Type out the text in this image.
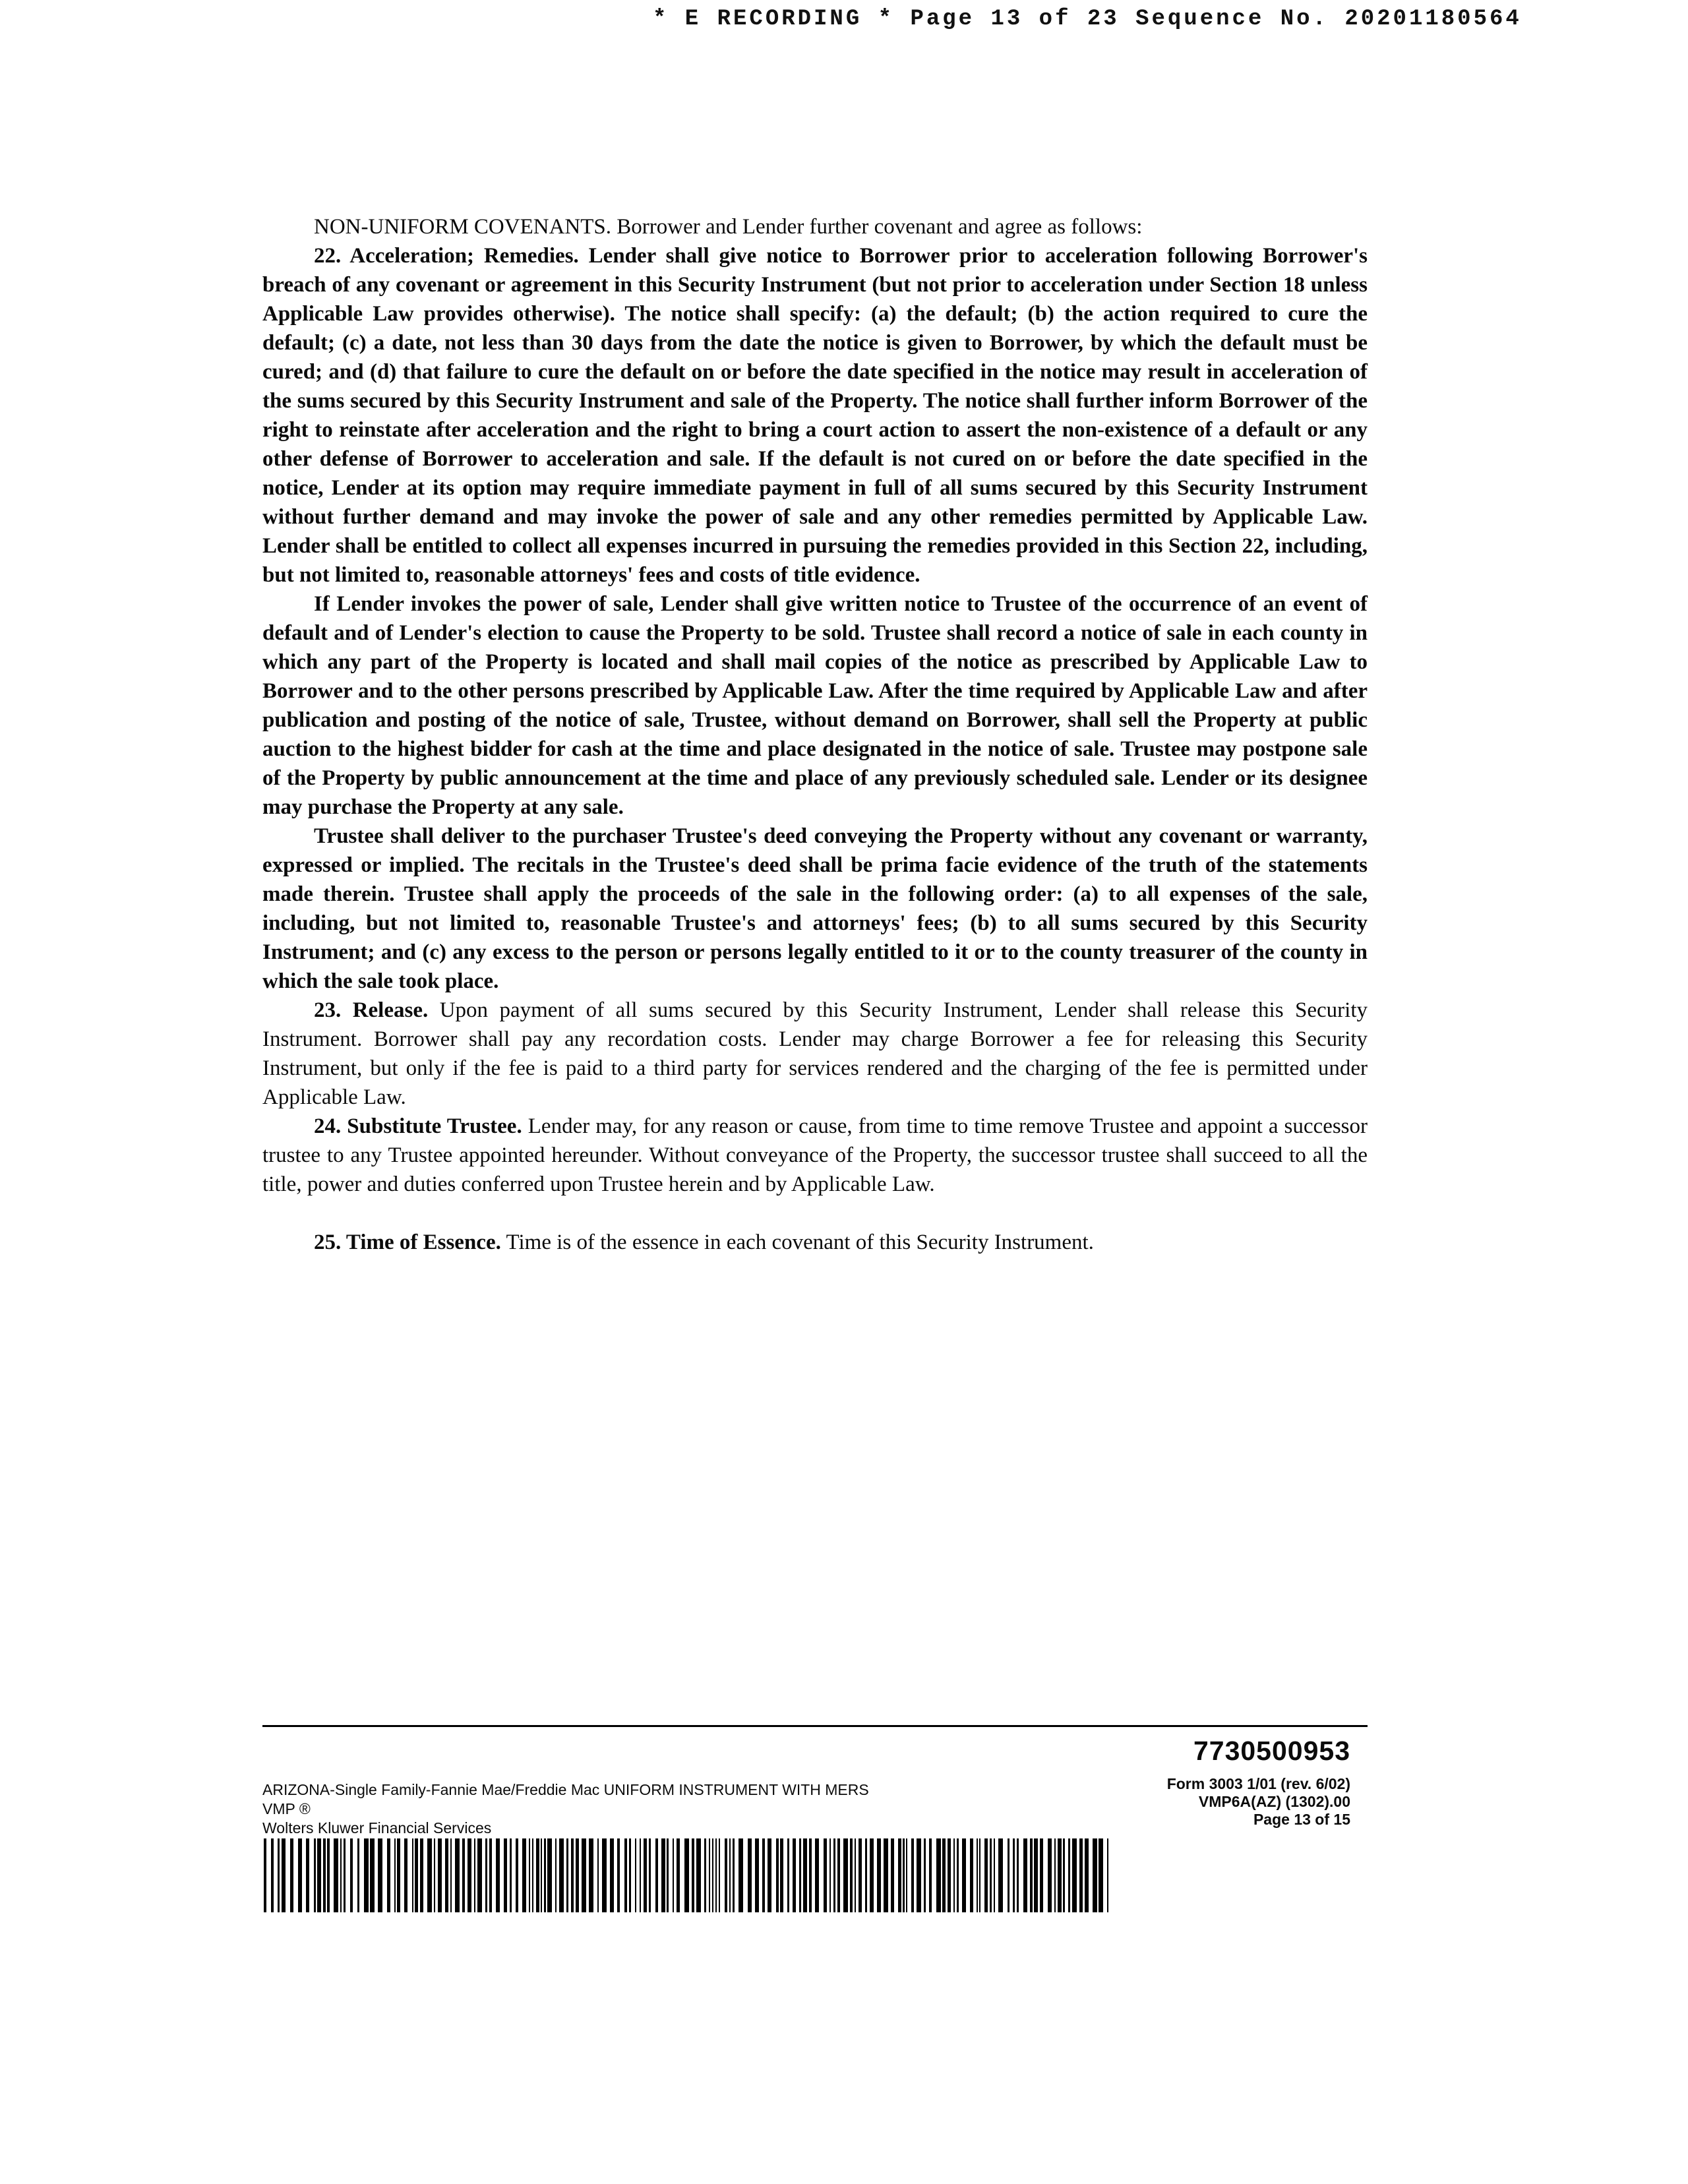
* E RECORDING * Page 13 of 23 Sequence No. 20201180564

NON-UNIFORM COVENANTS. Borrower and Lender further covenant and agree as follows:

22. Acceleration; Remedies. Lender shall give notice to Borrower prior to acceleration following Borrower's breach of any covenant or agreement in this Security Instrument (but not prior to acceleration under Section 18 unless Applicable Law provides otherwise). The notice shall specify: (a) the default; (b) the action required to cure the default; (c) a date, not less than 30 days from the date the notice is given to Borrower, by which the default must be cured; and (d) that failure to cure the default on or before the date specified in the notice may result in acceleration of the sums secured by this Security Instrument and sale of the Property. The notice shall further inform Borrower of the right to reinstate after acceleration and the right to bring a court action to assert the non-existence of a default or any other defense of Borrower to acceleration and sale. If the default is not cured on or before the date specified in the notice, Lender at its option may require immediate payment in full of all sums secured by this Security Instrument without further demand and may invoke the power of sale and any other remedies permitted by Applicable Law. Lender shall be entitled to collect all expenses incurred in pursuing the remedies provided in this Section 22, including, but not limited to, reasonable attorneys' fees and costs of title evidence.

If Lender invokes the power of sale, Lender shall give written notice to Trustee of the occurrence of an event of default and of Lender's election to cause the Property to be sold. Trustee shall record a notice of sale in each county in which any part of the Property is located and shall mail copies of the notice as prescribed by Applicable Law to Borrower and to the other persons prescribed by Applicable Law. After the time required by Applicable Law and after publication and posting of the notice of sale, Trustee, without demand on Borrower, shall sell the Property at public auction to the highest bidder for cash at the time and place designated in the notice of sale. Trustee may postpone sale of the Property by public announcement at the time and place of any previously scheduled sale. Lender or its designee may purchase the Property at any sale.

Trustee shall deliver to the purchaser Trustee's deed conveying the Property without any covenant or warranty, expressed or implied. The recitals in the Trustee's deed shall be prima facie evidence of the truth of the statements made therein. Trustee shall apply the proceeds of the sale in the following order: (a) to all expenses of the sale, including, but not limited to, reasonable Trustee's and attorneys' fees; (b) to all sums secured by this Security Instrument; and (c) any excess to the person or persons legally entitled to it or to the county treasurer of the county in which the sale took place.

23. Release. Upon payment of all sums secured by this Security Instrument, Lender shall release this Security Instrument. Borrower shall pay any recordation costs. Lender may charge Borrower a fee for releasing this Security Instrument, but only if the fee is paid to a third party for services rendered and the charging of the fee is permitted under Applicable Law.

24. Substitute Trustee. Lender may, for any reason or cause, from time to time remove Trustee and appoint a successor trustee to any Trustee appointed hereunder. Without conveyance of the Property, the successor trustee shall succeed to all the title, power and duties conferred upon Trustee herein and by Applicable Law.

25. Time of Essence. Time is of the essence in each covenant of this Security Instrument.

7730500953
ARIZONA-Single Family-Fannie Mae/Freddie Mac UNIFORM INSTRUMENT WITH MERS
VMP ®
Wolters Kluwer Financial Services
Form 3003 1/01 (rev. 6/02)
VMP6A(AZ) (1302).00
Page 13 of 15
